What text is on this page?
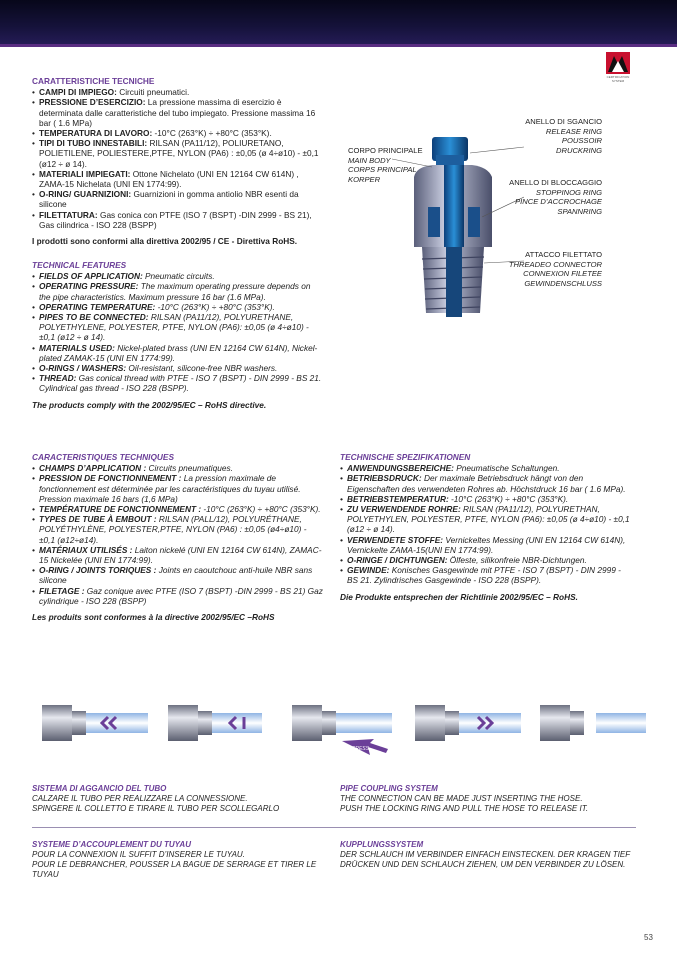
CERTIFICATION SYSTEM
CARATTERISTICHE TECNICHE
• CAMPI DI IMPIEGO: Circuiti pneumatici.
• PRESSIONE D’ESERCIZIO: La pressione massima di esercizio è determinata dalle caratteristiche del tubo impiegato. Pressione massima 16 bar ( 1.6 MPa)
• TEMPERATURA DI LAVORO: -10°C (263°K) ÷ +80°C (353°K).
• TIPI DI TUBO INNESTABILI: RILSAN (PA11/12), POLIURETANO, POLIETILENE, POLIESTERE,PTFE, NYLON (PA6) : ±0,05 (ø 4÷ø10) - ±0,1 (ø12 ÷ ø 14).
• MATERIALI IMPIEGATI: Ottone Nichelato (UNI EN 12164 CW 614N) , ZAMA-15 Nichelata (UNI EN 1774:99).
• O-RING/ GUARNIZIONI: Guarnizioni in gomma antiolio NBR esenti da silicone
• FILETTATURA: Gas conica con PTFE (ISO 7 (BSPT) -DIN 2999 - BS 21), Gas cilindrica - ISO 228 (BSPP)
I prodotti sono conformi alla direttiva 2002/95 / CE - Direttiva RoHS.
TECHNICAL FEATURES
• FIELDS OF APPLICATION: Pneumatic circuits.
• OPERATING PRESSURE: The maximum operating pressure depends on the pipe characteristics. Maximum pressure 16 bar (1.6 MPa).
• OPERATING TEMPERATURE: -10°C (263°K) ÷ +80°C (353°K).
• PIPES TO BE CONNECTED: RILSAN (PA11/12), POLYURETHANE, POLYETHYLENE, POLYESTER, PTFE, NYLON (PA6): ±0,05 (ø 4÷ø10) - ±0,1 (ø12 ÷ ø 14).
• MATERIALS USED: Nickel-plated brass (UNI EN 12164 CW 614N), Nickel-plated ZAMAK-15 (UNI EN 1774:99).
• O-RINGS / WASHERS: Oil-resistant, silicone-free NBR washers.
• THREAD: Gas conical thread with PTFE - ISO 7 (BSPT) - DIN 2999 - BS 21. Cylindrical gas thread - ISO 228 (BSPP).
The products comply with the 2002/95/EC – RoHS directive.
CARACTERISTIQUES TECHNIQUES
• CHAMPS D’APPLICATION : Circuits pneumatiques.
• PRESSION DE FONCTIONNEMENT : La pression maximale de fonctionnement est déterminée par les caractéristiques du tuyau utilisé. Pression maximale 16 bars (1,6 MPa)
• TEMPÉRATURE DE FONCTIONNEMENT : -10°C (263°K) ÷ +80°C (353°K).
• TYPES DE TUBE À EMBOUT : RILSAN (PALL/12), POLYURÉTHANE, POLYÉTHYLÈNE, POLYESTER,PTFE, NYLON (PA6) : ±0,05 (ø4÷ø10) - ±0,1 (ø12÷ø14).
• MATÉRIAUX UTILISÉS : Laiton nickelé (UNI EN 12164 CW 614N), ZAMAC-15 Nickelée (UNI EN 1774:99).
• O-RING / JOINTS TORIQUES : Joints en caoutchouc anti-huile NBR sans silicone
• FILETAGE : Gaz conique avec PTFE (ISO 7 (BSPT) -DIN 2999 - BS 21) Gaz cylindrique - ISO 228 (BSPP)
Les produits sont conformes à la directive 2002/95/EC –RoHS
TECHNISCHE SPEZIFIKATIONEN
• ANWENDUNGSBEREICHE: Pneumatische Schaltungen.
• BETRIEBSDRUCK: Der maximale Betriebsdruck hängt von den Eigenschaften des verwendeten Rohres ab. Höchstdruck 16 bar ( 1.6 MPa).
• BETRIEBSTEMPERATUR: -10°C (263°K) ÷ +80°C (353°K).
• ZU VERWENDENDE ROHRE: RILSAN (PA11/12), POLYURETHAN, POLYETHYLEN, POLYESTER, PTFE, NYLON (PA6): ±0,05 (ø 4÷ø10) - ±0,1 (ø12 ÷ ø 14).
• VERWENDETE STOFFE: Vernickeltes Messing (UNI EN 12164 CW 614N), Vernickelte ZAMA-15(UNI EN 1774:99).
• O-RINGE / DICHTUNGEN: Ölfeste, silikonfreie NBR-Dichtungen.
• GEWINDE: Konisches Gasgewinde mit PTFE - ISO 7 (BSPT) - DIN 2999 - BS 21. Zylindrisches Gasgewinde - ISO 228 (BSPP).
Die Produkte entsprechen der Richtlinie 2002/95/EC – RoHS.
ANELLO DI SGANCIO
RELEASE RING
POUSSOIR
DRUCKRING
CORPO PRINCIPALE
MAIN BODY
CORPS PRINCIPAL
KORPER	ANELLO DI BLOCCAGGIO
STOPPINOG RING
PINCE D’ACCROCHAGE
SPANNRING
ATTACCO FILETTATO
THREADEO CONNECTOR
CONNEXION FILETEE
GEWINDENSCHLUSS
PRESS
SISTEMA DI AGGANCIO DEL TUBO
CALZARE IL TUBO PER REALIZZARE LA CONNESSIONE.
SPINGERE IL COLLETTO E TIRARE IL TUBO PER SCOLLEGARLO
PIPE COUPLING SYSTEM
THE CONNECTION CAN BE MADE JUST INSERTING THE HOSE.
PUSH THE LOCKING RING AND PULL THE HOSE TO RELEASE IT.
SYSTEME D’ACCOUPLEMENT DU TUYAU
POUR LA CONNEXION IL SUFFIT D’INSERER LE TUYAU.
POUR LE DEBRANCHER, POUSSER LA BAGUE DE SERRAGE ET TIRER LE TUYAU
KUPPLUNGSSYSTEM
DER SCHLAUCH IM VERBINDER EINFACH EINSTECKEN. DER KRAGEN TIEF
DRÜCKEN UND DEN SCHLAUCH ZIEHEN, UM DEN VERBINDER ZU LÖSEN.
53
